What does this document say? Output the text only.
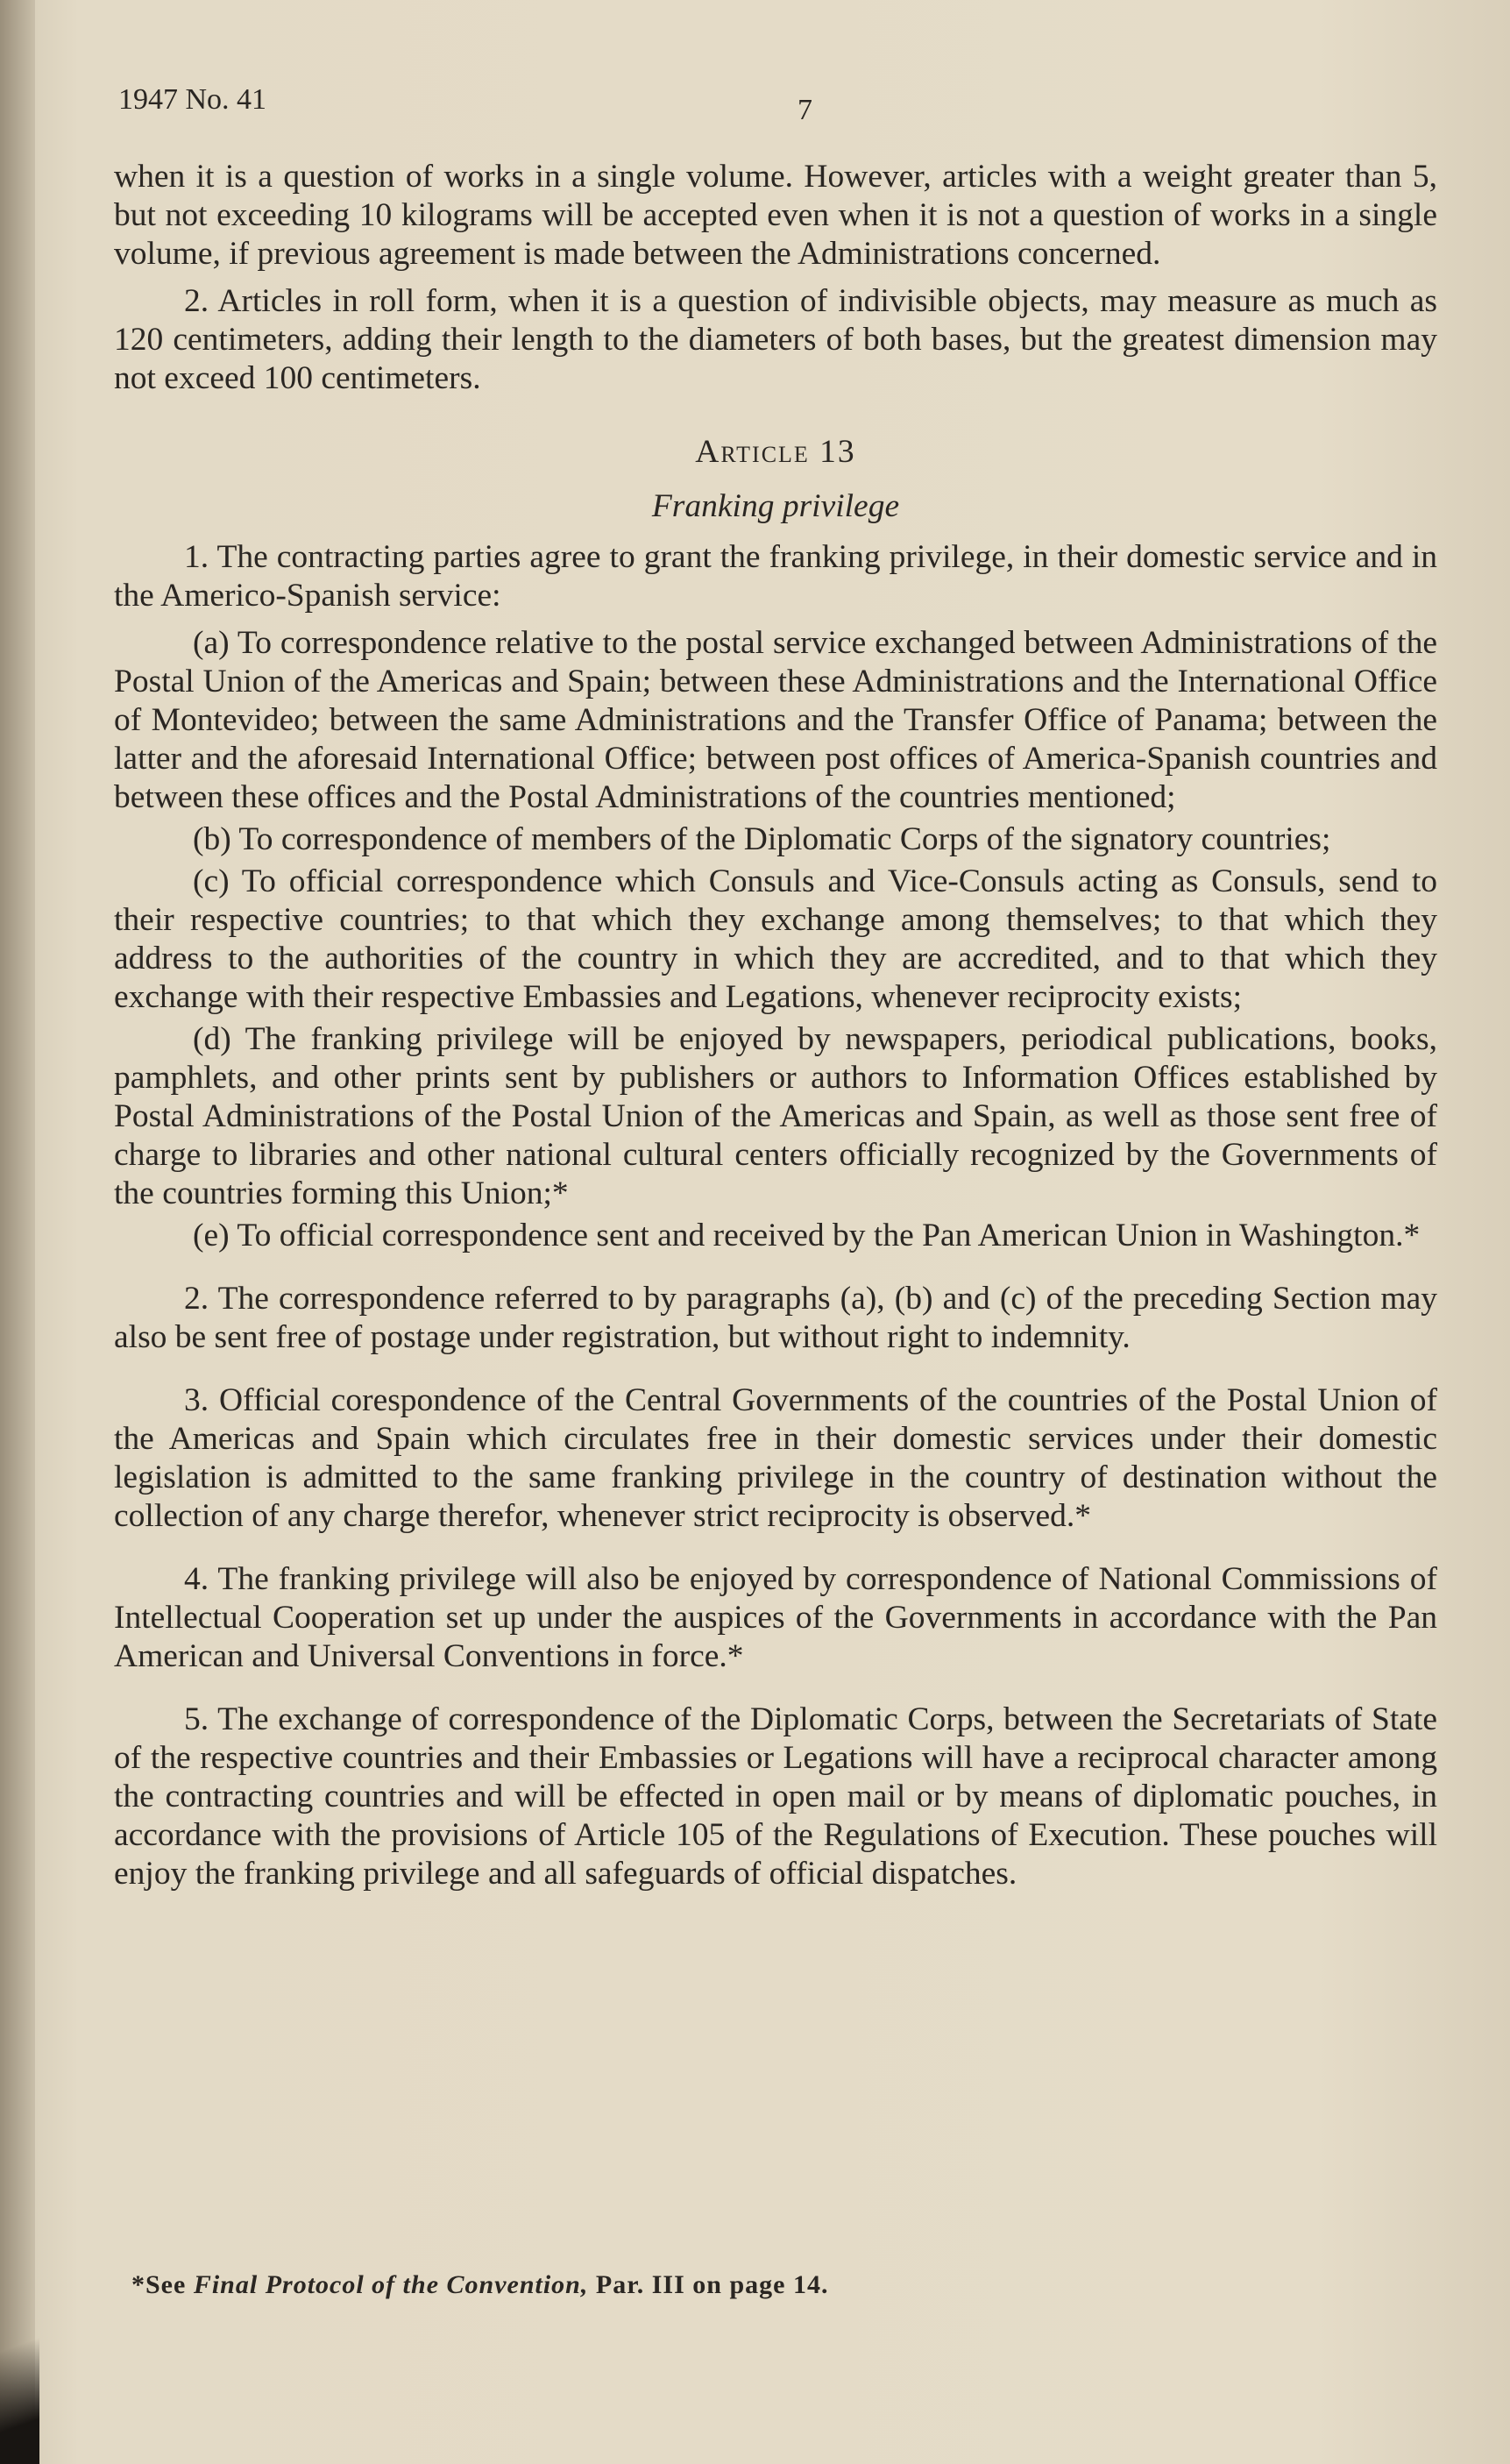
1947 No. 41	7

when it is a question of works in a single volume. However, articles with a weight greater than 5, but not exceeding 10 kilograms will be accepted even when it is not a question of works in a single volume, if previous agreement is made between the Administrations concerned.

2. Articles in roll form, when it is a question of indivisible objects, may measure as much as 120 centimeters, adding their length to the diameters of both bases, but the greatest dimension may not exceed 100 centimeters.

Article 13

Franking privilege

1. The contracting parties agree to grant the franking privilege, in their domestic service and in the Americo-Spanish service:

(a) To correspondence relative to the postal service exchanged between Administrations of the Postal Union of the Americas and Spain; between these Administrations and the International Office of Montevideo; between the same Administrations and the Transfer Office of Panama; between the latter and the aforesaid International Office; between post offices of America-Spanish countries and between these offices and the Postal Administrations of the countries mentioned;

(b) To correspondence of members of the Diplomatic Corps of the signatory countries;

(c) To official correspondence which Consuls and Vice-Consuls acting as Consuls, send to their respective countries; to that which they exchange among themselves; to that which they address to the authorities of the country in which they are accredited, and to that which they exchange with their respective Embassies and Legations, whenever reciprocity exists;

(d) The franking privilege will be enjoyed by newspapers, periodical publications, books, pamphlets, and other prints sent by publishers or authors to Information Offices established by Postal Administrations of the Postal Union of the Americas and Spain, as well as those sent free of charge to libraries and other national cultural centers officially recognized by the Governments of the countries forming this Union;*

(e) To official correspondence sent and received by the Pan American Union in Washington.*

2. The correspondence referred to by paragraphs (a), (b) and (c) of the preceding Section may also be sent free of postage under registration, but without right to indemnity.

3. Official corespondence of the Central Governments of the countries of the Postal Union of the Americas and Spain which circulates free in their domestic services under their domestic legislation is admitted to the same franking privilege in the country of destination without the collection of any charge therefor, whenever strict reciprocity is observed.*

4. The franking privilege will also be enjoyed by correspondence of National Commissions of Intellectual Cooperation set up under the auspices of the Governments in accordance with the Pan American and Universal Conventions in force.*

5. The exchange of correspondence of the Diplomatic Corps, between the Secretariats of State of the respective countries and their Embassies or Legations will have a reciprocal character among the contracting countries and will be effected in open mail or by means of diplomatic pouches, in accordance with the provisions of Article 105 of the Regulations of Execution. These pouches will enjoy the franking privilege and all safeguards of official dispatches.

*See Final Protocol of the Convention, Par. III on page 14.
